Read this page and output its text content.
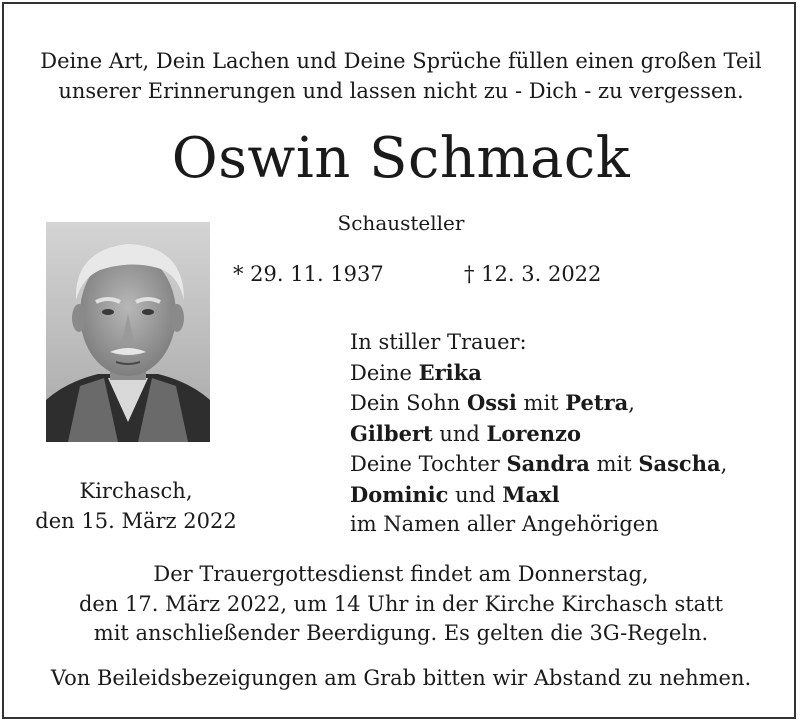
Deine Art, Dein Lachen und Deine Sprüche füllen einen großen Teil
unserer Erinnerungen und lassen nicht zu - Dich - zu vergessen.
Oswin Schmack
Schausteller
* 29. 11. 1937	† 12. 3. 2022
In stiller Trauer:
Deine Erika
Dein Sohn Ossi mit Petra,
Gilbert und Lorenzo
Deine Tochter Sandra mit Sascha,
Dominic und Maxl
im Namen aller Angehörigen
Kirchasch,
den 15. März 2022
Der Trauergottesdienst findet am Donnerstag,
den 17. März 2022, um 14 Uhr in der Kirche Kirchasch statt
mit anschließender Beerdigung. Es gelten die 3G-Regeln.
Von Beileidsbezeigungen am Grab bitten wir Abstand zu nehmen.
